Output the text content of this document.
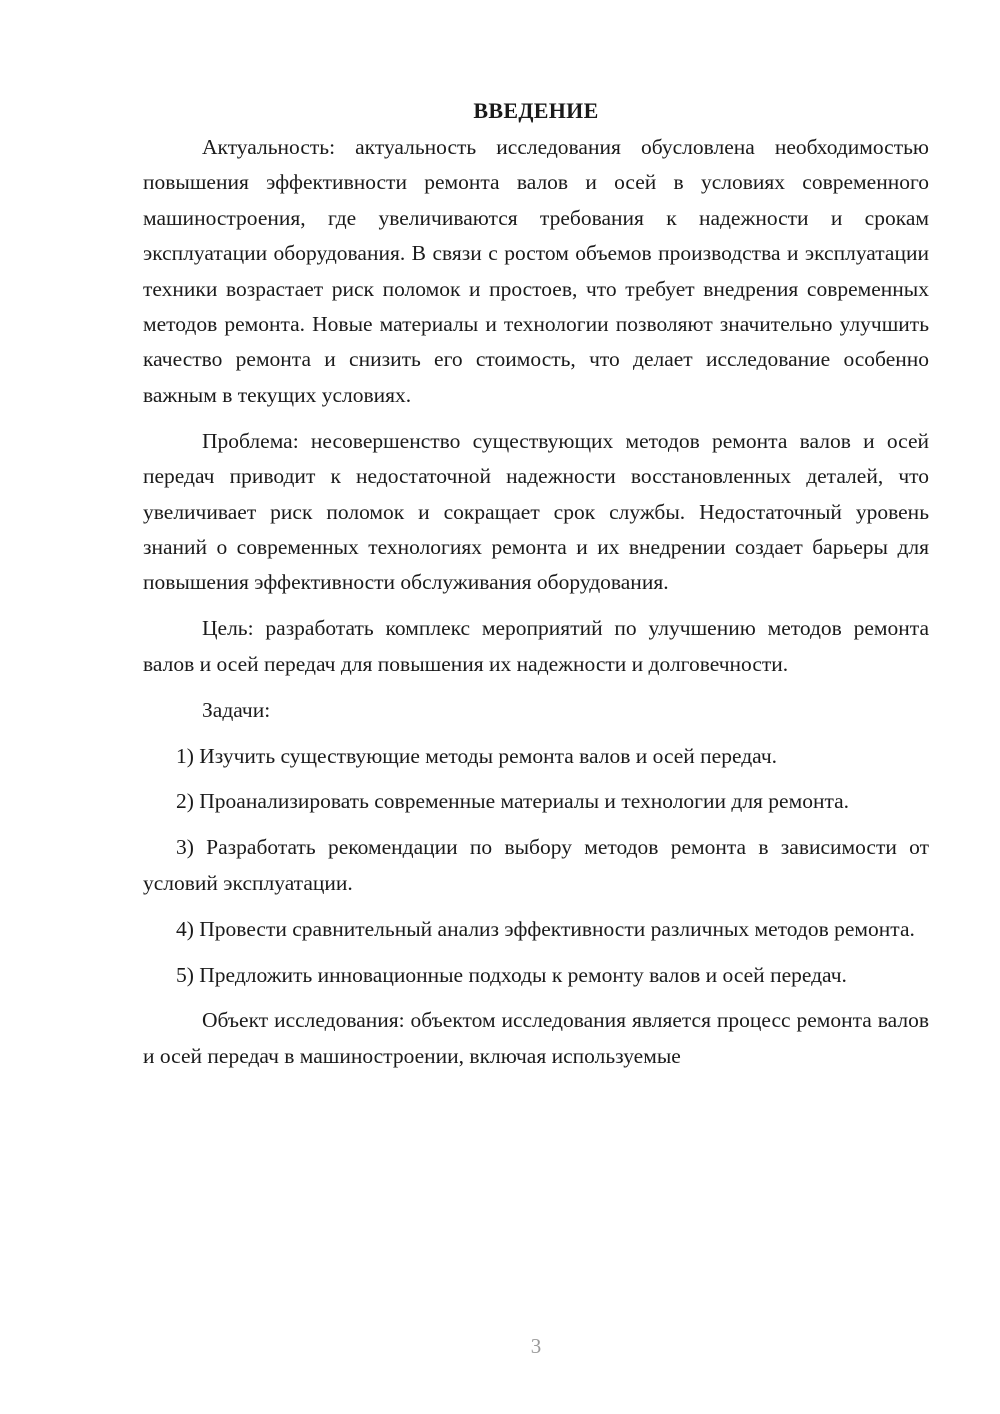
ВВЕДЕНИЕ

Актуальность: актуальность исследования обусловлена необходимостью повышения эффективности ремонта валов и осей в условиях современного машиностроения, где увеличиваются требования к надежности и срокам эксплуатации оборудования. В связи с ростом объемов производства и эксплуатации техники возрастает риск поломок и простоев, что требует внедрения современных методов ремонта. Новые материалы и технологии позволяют значительно улучшить качество ремонта и снизить его стоимость, что делает исследование особенно важным в текущих условиях.

Проблема: несовершенство существующих методов ремонта валов и осей передач приводит к недостаточной надежности восстановленных деталей, что увеличивает риск поломок и сокращает срок службы. Недостаточный уровень знаний о современных технологиях ремонта и их внедрении создает барьеры для повышения эффективности обслуживания оборудования.

Цель: разработать комплекс мероприятий по улучшению методов ремонта валов и осей передач для повышения их надежности и долговечности.

Задачи:

1) Изучить существующие методы ремонта валов и осей передач.

2) Проанализировать современные материалы и технологии для ремонта.

3) Разработать рекомендации по выбору методов ремонта в зависимости от условий эксплуатации.

4) Провести сравнительный анализ эффективности различных методов ремонта.

5) Предложить инновационные подходы к ремонту валов и осей передач.

Объект исследования: объектом исследования является процесс ремонта валов и осей передач в машиностроении, включая используемые

3
